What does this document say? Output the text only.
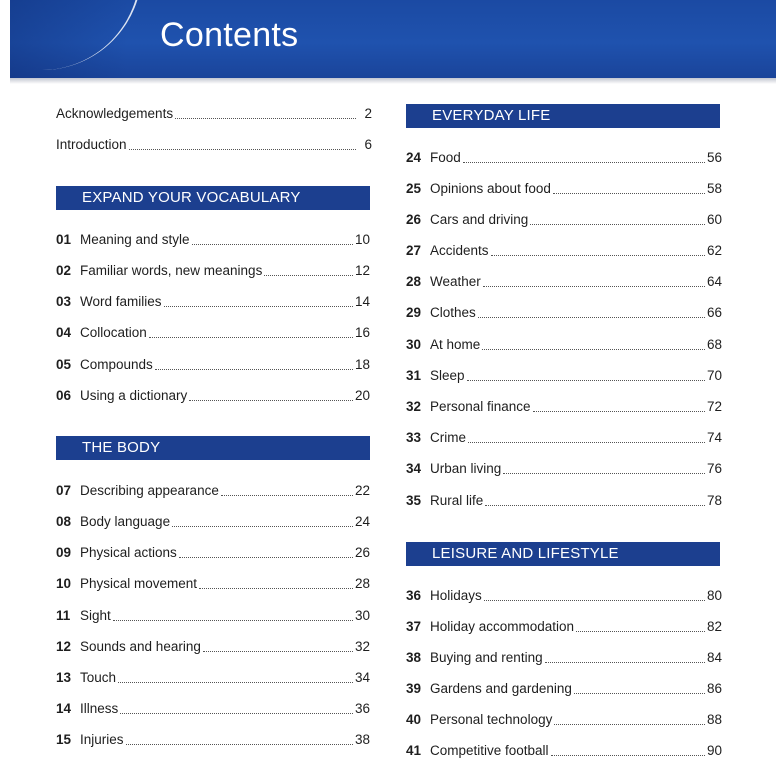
Contents
Acknowledgements	2
Introduction	6
EXPAND YOUR VOCABULARY
01 Meaning and style	10
02 Familiar words, new meanings	12
03 Word families	14
04 Collocation	16
05 Compounds	18
06 Using a dictionary	20
THE BODY
07 Describing appearance	22
08 Body language	24
09 Physical actions	26
10 Physical movement	28
11 Sight	30
12 Sounds and hearing	32
13 Touch	34
14 Illness	36
15 Injuries	38
EVERYDAY LIFE
24 Food	56
25 Opinions about food	58
26 Cars and driving	60
27 Accidents	62
28 Weather	64
29 Clothes	66
30 At home	68
31 Sleep	70
32 Personal finance	72
33 Crime	74
34 Urban living	76
35 Rural life	78
LEISURE AND LIFESTYLE
36 Holidays	80
37 Holiday accommodation	82
38 Buying and renting	84
39 Gardens and gardening	86
40 Personal technology	88
41 Competitive football	90
